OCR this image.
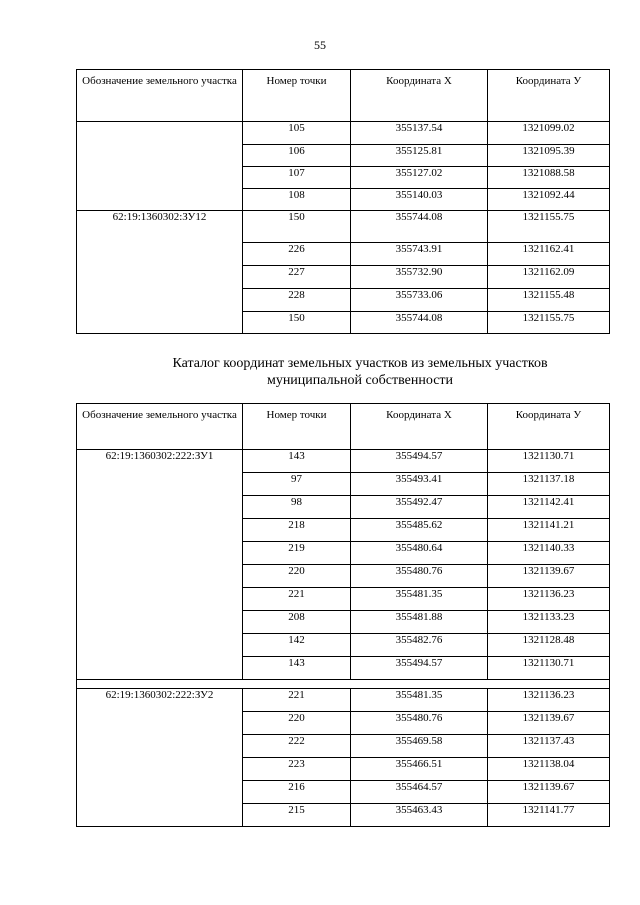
55
Обозначение земельного участка	Номер точки	Координата Х	Координата У
	105	355137.54	1321099.02
	106	355125.81	1321095.39
	107	355127.02	1321088.58
	108	355140.03	1321092.44
62:19:1360302:ЗУ12	150	355744.08	1321155.75
	226	355743.91	1321162.41
	227	355732.90	1321162.09
	228	355733.06	1321155.48
	150	355744.08	1321155.75
Каталог координат земельных участков из земельных участков
муниципальной собственности
Обозначение земельного участка	Номер точки	Координата Х	Координата У
62:19:1360302:222:ЗУ1	143	355494.57	1321130.71
	97	355493.41	1321137.18
	98	355492.47	1321142.41
	218	355485.62	1321141.21
	219	355480.64	1321140.33
	220	355480.76	1321139.67
	221	355481.35	1321136.23
	208	355481.88	1321133.23
	142	355482.76	1321128.48
	143	355494.57	1321130.71

62:19:1360302:222:ЗУ2	221	355481.35	1321136.23
	220	355480.76	1321139.67
	222	355469.58	1321137.43
	223	355466.51	1321138.04
	216	355464.57	1321139.67
	215	355463.43	1321141.77
